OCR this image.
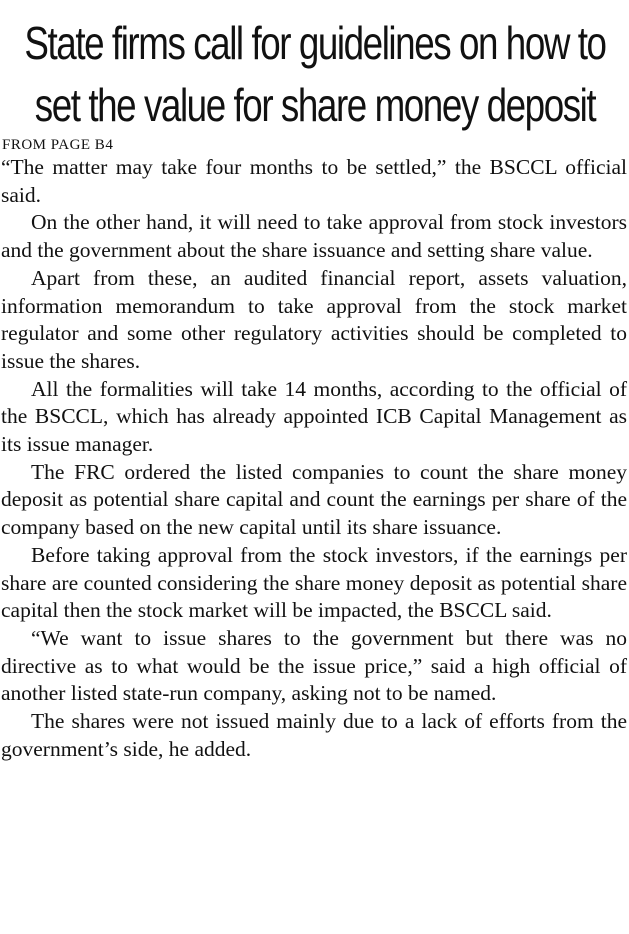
State firms call for guidelines on how to set the value for share money deposit
FROM PAGE B4

“The matter may take four months to be settled,” the BSCCL official said.

On the other hand, it will need to take approval from stock investors and the government about the share issuance and setting share value.

Apart from these, an audited financial report, assets valuation, information memorandum to take approval from the stock market regulator and some other regulatory activities should be completed to issue the shares.

All the formalities will take 14 months, according to the official of the BSCCL, which has already appointed ICB Capital Management as its issue manager.

The FRC ordered the listed companies to count the share money deposit as potential share capital and count the earnings per share of the company based on the new capital until its share issuance.

Before taking approval from the stock investors, if the earnings per share are counted considering the share money deposit as potential share capital then the stock market will be impacted, the BSCCL said.

“We want to issue shares to the government but there was no directive as to what would be the issue price,” said a high official of another listed state-run company, asking not to be named.

The shares were not issued mainly due to a lack of efforts from the government’s side, he added.
